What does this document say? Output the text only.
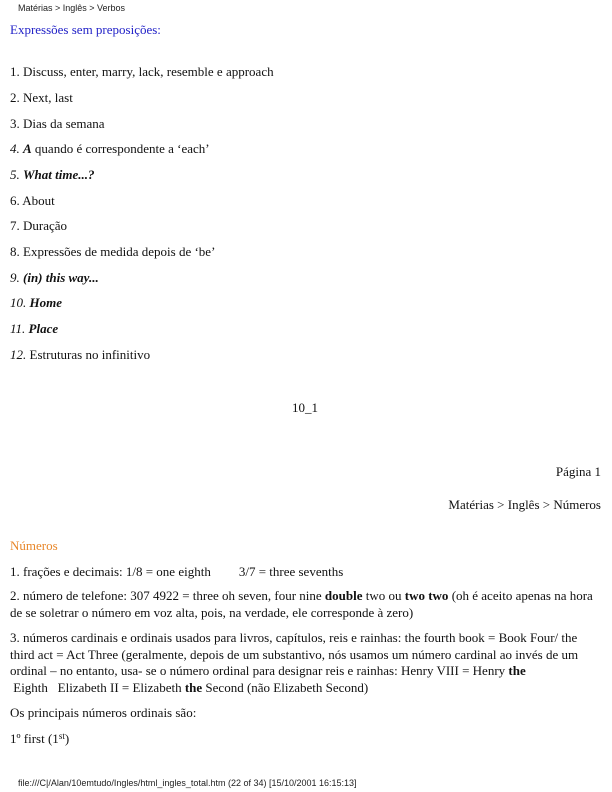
Matérias > Inglês > Verbos
Expressões sem preposições:
1. Discuss, enter, marry, lack, resemble e approach
2. Next, last
3. Dias da semana
4. A quando é correspondente a ‘each’
5. What time...?
6. About
7. Duração
8. Expressões de medida depois de ‘be’
9. (in) this way...
10. Home
11. Place
12. Estruturas no infinitivo
10_1
Página 1
Matérias > Inglês > Números
Números
1. frações e decimais: 1/8 = one eighth 3/7 = three sevenths
2. número de telefone: 307 4922 = three oh seven, four nine double two ou two two (oh é aceito apenas na hora de se soletrar o número em voz alta, pois, na verdade, ele corresponde à zero)
3. números cardinais e ordinais usados para livros, capítulos, reis e rainhas: the fourth book = Book Four/ the third act = Act Three (geralmente, depois de um substantivo, nós usamos um número cardinal ao invés de um ordinal – no entanto, usa- se o número ordinal para designar reis e rainhas: Henry VIII = Henry the Eighth   Elizabeth II = Elizabeth the Second (não Elizabeth Second)
Os principais números ordinais são:
1º first (1st)
file:///C|/Alan/10emtudo/Ingles/html_ingles_total.htm (22 of 34) [15/10/2001 16:15:13]
